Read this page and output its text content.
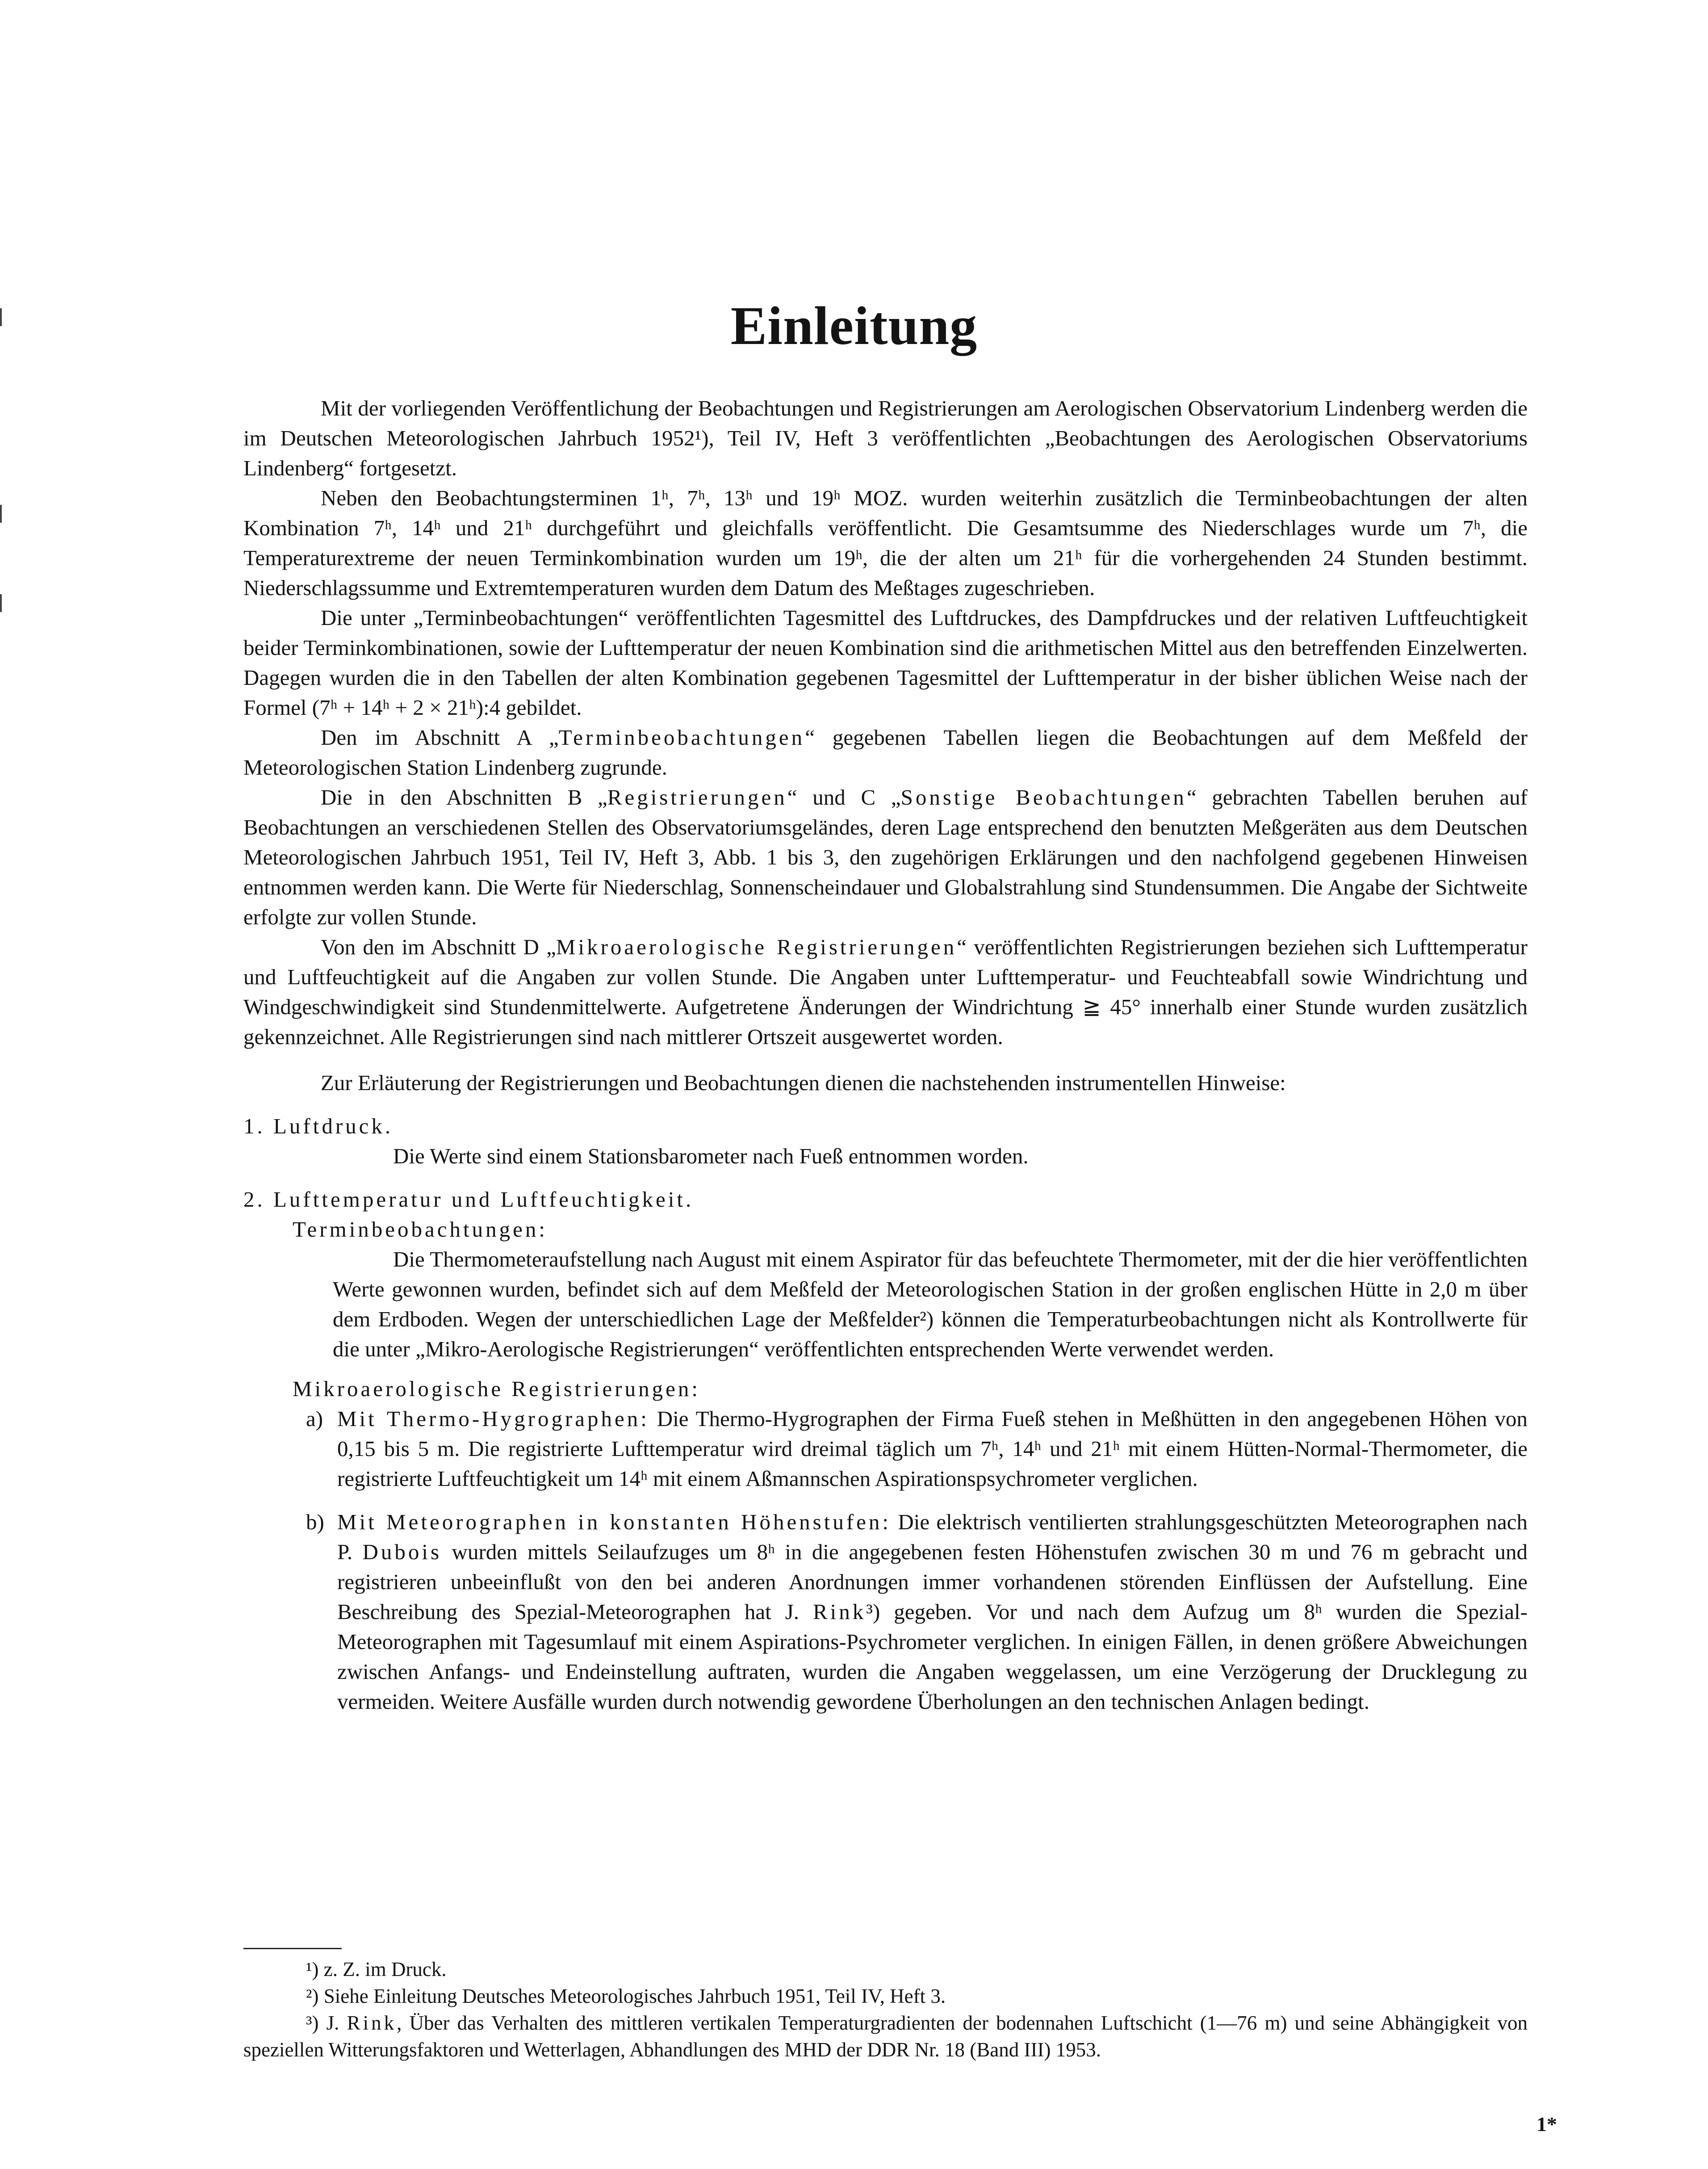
Einleitung

Mit der vorliegenden Veröffentlichung der Beobachtungen und Registrierungen am Aerologischen Observatorium Lindenberg werden die im Deutschen Meteorologischen Jahrbuch 1952¹), Teil IV, Heft 3 veröffentlichten „Beobachtungen des Aerologischen Observatoriums Lindenberg“ fortgesetzt.

Neben den Beobachtungsterminen 1ʰ, 7ʰ, 13ʰ und 19ʰ MOZ. wurden weiterhin zusätzlich die Terminbeobachtungen der alten Kombination 7ʰ, 14ʰ und 21ʰ durchgeführt und gleichfalls veröffentlicht. Die Gesamtsumme des Niederschlages wurde um 7ʰ, die Temperaturextreme der neuen Terminkombination wurden um 19ʰ, die der alten um 21ʰ für die vorhergehenden 24 Stunden bestimmt. Niederschlagssumme und Extremtemperaturen wurden dem Datum des Meßtages zugeschrieben.

Die unter „Terminbeobachtungen“ veröffentlichten Tagesmittel des Luftdruckes, des Dampfdruckes und der relativen Luftfeuchtigkeit beider Terminkombinationen, sowie der Lufttemperatur der neuen Kombination sind die arithmetischen Mittel aus den betreffenden Einzelwerten. Dagegen wurden die in den Tabellen der alten Kombination gegebenen Tagesmittel der Lufttemperatur in der bisher üblichen Weise nach der Formel (7ʰ + 14ʰ + 2 × 21ʰ):4 gebildet.

Den im Abschnitt A „Terminbeobachtungen“ gegebenen Tabellen liegen die Beobachtungen auf dem Meßfeld der Meteorologischen Station Lindenberg zugrunde.

Die in den Abschnitten B „Registrierungen“ und C „Sonstige Beobachtungen“ gebrachten Tabellen beruhen auf Beobachtungen an verschiedenen Stellen des Observatoriumsgeländes, deren Lage entsprechend den benutzten Meßgeräten aus dem Deutschen Meteorologischen Jahrbuch 1951, Teil IV, Heft 3, Abb. 1 bis 3, den zugehörigen Erklärungen und den nachfolgend gegebenen Hinweisen entnommen werden kann. Die Werte für Niederschlag, Sonnenscheindauer und Globalstrahlung sind Stundensummen. Die Angabe der Sichtweite erfolgte zur vollen Stunde.

Von den im Abschnitt D „Mikroaerologische Registrierungen“ veröffentlichten Registrierungen beziehen sich Lufttemperatur und Luftfeuchtigkeit auf die Angaben zur vollen Stunde. Die Angaben unter Lufttemperatur- und Feuchteabfall sowie Windrichtung und Windgeschwindigkeit sind Stundenmittelwerte. Aufgetretene Änderungen der Windrichtung ≧ 45° innerhalb einer Stunde wurden zusätzlich gekennzeichnet. Alle Registrierungen sind nach mittlerer Ortszeit ausgewertet worden.

Zur Erläuterung der Registrierungen und Beobachtungen dienen die nachstehenden instrumentellen Hinweise:

1. Luftdruck.

Die Werte sind einem Stationsbarometer nach Fueß entnommen worden.

2. Lufttemperatur und Luftfeuchtigkeit.

Terminbeobachtungen:

Die Thermometeraufstellung nach August mit einem Aspirator für das befeuchtete Thermometer, mit der die hier veröffentlichten Werte gewonnen wurden, befindet sich auf dem Meßfeld der Meteorologischen Station in der großen englischen Hütte in 2,0 m über dem Erdboden. Wegen der unterschiedlichen Lage der Meßfelder²) können die Temperaturbeobachtungen nicht als Kontrollwerte für die unter „Mikro-Aerologische Registrierungen“ veröffentlichten entsprechenden Werte verwendet werden.

Mikroaerologische Registrierungen:

a) Mit Thermo-Hygrographen: Die Thermo-Hygrographen der Firma Fueß stehen in Meßhütten in den angegebenen Höhen von 0,15 bis 5 m. Die registrierte Lufttemperatur wird dreimal täglich um 7ʰ, 14ʰ und 21ʰ mit einem Hütten-Normal-Thermometer, die registrierte Luftfeuchtigkeit um 14ʰ mit einem Aßmannschen Aspirationspsychrometer verglichen.

b) Mit Meteorographen in konstanten Höhenstufen: Die elektrisch ventilierten strahlungsgeschützten Meteorographen nach P. Dubois wurden mittels Seilaufzuges um 8ʰ in die angegebenen festen Höhenstufen zwischen 30 m und 76 m gebracht und registrieren unbeeinflußt von den bei anderen Anordnungen immer vorhandenen störenden Einflüssen der Aufstellung. Eine Beschreibung des Spezial-Meteorographen hat J. Rink³) gegeben. Vor und nach dem Aufzug um 8ʰ wurden die Spezial-Meteorographen mit Tagesumlauf mit einem Aspirations-Psychrometer verglichen. In einigen Fällen, in denen größere Abweichungen zwischen Anfangs- und Endeinstellung auftraten, wurden die Angaben weggelassen, um eine Verzögerung der Drucklegung zu vermeiden. Weitere Ausfälle wurden durch notwendig gewordene Überholungen an den technischen Anlagen bedingt.

¹) z. Z. im Druck.

²) Siehe Einleitung Deutsches Meteorologisches Jahrbuch 1951, Teil IV, Heft 3.

³) J. Rink, Über das Verhalten des mittleren vertikalen Temperaturgradienten der bodennahen Luftschicht (1—76 m) und seine Abhängigkeit von speziellen Witterungsfaktoren und Wetterlagen, Abhandlungen des MHD der DDR Nr. 18 (Band III) 1953.

1*
